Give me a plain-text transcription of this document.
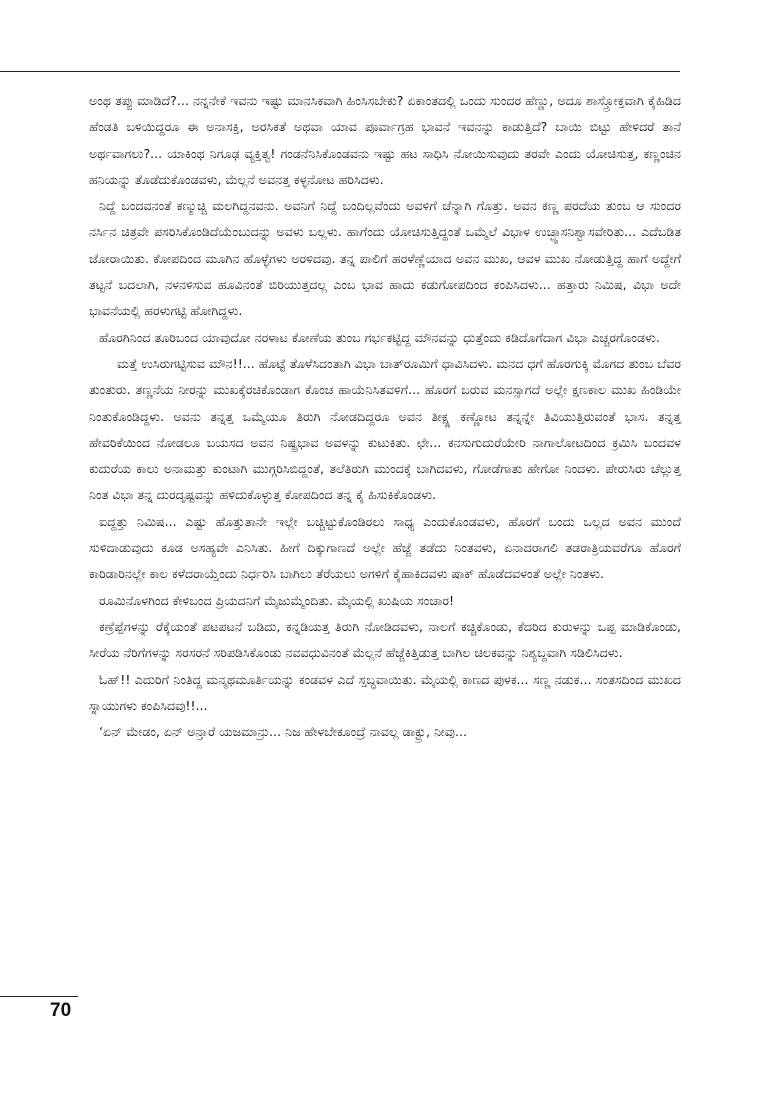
ಅಂಥ ತಪ್ಪು ಮಾಡಿದೆ?... ನನ್ನನೇಕೆ ಇವನು ಇಷ್ಟು ಮಾನಸಿಕವಾಗಿ ಹಿಂಸಿಸಬೇಕು? ಏಕಾಂತದಲ್ಲಿ ಒಂದು ಸುಂದರ ಹೆಣ್ಣು, ಅದೂ ಶಾಸ್ತ್ರೋಕ್ತವಾಗಿ ಕೈಹಿಡಿದ ಹೆಂಡತಿ ಬಳಿಯಿದ್ದರೂ ಈ ಅನಾಸಕ್ತಿ, ಅರಸಿಕತೆ ಅಥವಾ ಯಾವ ಪೂರ್ವಾಗ್ರಹ ಭಾವನೆ ಇವನನ್ನು ಕಾಡುತ್ತಿದೆ? ಬಾಯಿ ಬಿಟ್ಟು ಹೇಳಿದರೆ ತಾನೆ ಅರ್ಥವಾಗಲು?... ಯಾಕಿಂಥ ನಿಗೂಢ ವ್ಯಕ್ತಿತ್ವ! ಗಂಡನೆನಿಸಿಕೊಂಡವನು ಇಷ್ಟು ಹಟ ಸಾಧಿಸಿ ನೋಯಿಸುವುದು ತರವೇ ಎಂದು ಯೋಚಿಸುತ್ತ, ಕಣ್ಣಂಚಿನ ಹನಿಯನ್ನು ತೊಡೆದುಕೊಂಡವಳು, ಮೆಲ್ಲನೆ ಅವನತ್ತ ಕಳ್ಳನೋಟ ಹರಿಸಿದಳು.

ನಿದ್ದೆ ಬಂದವನಂತೆ ಕಣ್ಮುಚ್ಚಿ ಮಲಗಿದ್ದನವನು. ಅವನಿಗೆ ನಿದ್ದೆ ಬಂದಿಲ್ಲವೆಂದು ಅವಳಿಗೆ ಚೆನ್ನಾಗಿ ಗೊತ್ತು. ಅವನ ಕಣ್ಣ ಪರದೆಯ ತುಂಬ ಆ ಸುಂದರ ನರ್ಸಿನ ಚಿತ್ರವೇ ಪಸರಿಸಿಕೊಂಡಿದೆಯೆಂಬುದನ್ನು ಅವಳು ಬಲ್ಲಳು. ಹಾಗೆಂದು ಯೋಚಿಸುತ್ತಿದ್ದಂತೆ ಒಮ್ಮೆಲೆ ವಿಭಾಳ ಉಚ್ಛ್ವಾಸನಿಶ್ವಾಸವೇರಿತು... ಎದೆಬಡಿತ ಜೋರಾಯಿತು. ಕೋಪದಿಂದ ಮೂಗಿನ ಹೊಳ್ಳೆಗಳು ಅರಳಿದವು. ತನ್ನ ಪಾಲಿಗೆ ಹರಳೆಣ್ಣೆಯಾದ ಅವನ ಮುಖ, ಆವಳ ಮುಖ ನೋಡುತ್ತಿದ್ದ ಹಾಗೆ ಅದ್ದೇಗೆ ತಟ್ಟನೆ ಬದಲಾಗಿ, ನಳನಳಿಸುವ ಹೂವಿನಂತೆ ಬಿರಿಯುತ್ತದಲ್ಲ ಎಂಬ ಭಾವ ಹಾದು ಕಡುಗೋಪದಿಂದ ಕಂಪಿಸಿದಳು... ಹತ್ತಾರು ನಿಮಿಷ, ವಿಭಾ ಅದೇ ಭಾವನೆಯಲ್ಲಿ ಹರಳುಗಟ್ಟಿ ಹೋಗಿದ್ದಳು.

ಹೊರಗಿನಿಂದ ತೂರಿಬಂದ ಯಾವುದೋ ನರಳಾಟ ಕೋಣೆಯ ತುಂಬ ಗರ್ಭಕಟ್ಟಿದ್ದ ಮೌನವನ್ನು ಧುತ್ತೆಂದು ಕಡಿದೊಗೆದಾಗ ವಿಭಾ ಎಚ್ಚರಗೊಂಡಳು.

ಮತ್ತೆ ಉಸಿರುಗಟ್ಟಿಸುವ ಮೌನ!!... ಹೊಟ್ಟೆ ತೊಳೆಸಿದಂತಾಗಿ ವಿಭಾ ಬಾತ್‌ರೂಮಿಗೆ ಧಾವಿಸಿದಳು. ಮನದ ಧಗೆ ಹೊರಗುಕ್ಕಿ ಮೊಗದ ತುಂಬ ಬೆವರ ತುಂತುರು. ತಣ್ಣನೆಯ ನೀರನ್ನು ಮುಖಕ್ಕೆರಚಿಕೊಂಡಾಗ ಕೊಂಚ ಹಾಯೆನಿಸಿತವಳಿಗೆ... ಹೊರಗೆ ಬರುವ ಮನಸ್ಸಾಗದೆ ಅಲ್ಲೇ ಕ್ಷಣಕಾಲ ಮುಖ ಹಿಂಡಿಯೇ ನಿಂತುಕೊಂಡಿದ್ದಳು. ಅವನು ತನ್ನತ್ತ ಒಮ್ಮೆಯೂ ತಿರುಗಿ ನೋಡದಿದ್ದರೂ ಅವನ ತೀಕ್ಷ್ಣ ಕಣ್ಣೋಟ ತನ್ನನ್ನೇ ತಿವಿಯುತ್ತಿರುವಂತೆ ಭಾಸ. ತನ್ನತ್ತ ಹೇವರಿಕೆಯಿಂದ ನೋಡಲೂ ಬಯಸದ ಅವನ ನಿಷ್ಪ್ರಭಾವ ಅವಳನ್ನು ಕುಟುಕಿತು. ಛೇ... ಕನಸುಗುದುರೆಯೇರಿ ನಾಗಾಲೋಟದಿಂದ ಕ್ರಮಿಸಿ ಬಂದವಳ ಕುದುರೆಯ ಕಾಲು ಅನಾಮತ್ತು ಕುಂಟಾಗಿ ಮುಗ್ಗರಿಸಿಬಿದ್ದಂತೆ, ತಲೆತಿರುಗಿ ಮುಂದಕ್ಕೆ ಬಾಗಿದವಳು, ಗೋಡೆಗಾತು ಹೇಗೋ ನಿಂದಳು. ಪೇರುಸಿರು ಚೆಲ್ಲುತ್ತ ನಿಂತ ವಿಭಾ ತನ್ನ ದುರದೃಷ್ಟವನ್ನು ಹಳಿದುಕೊಳ್ಳುತ್ತ ಕೋಪದಿಂದ ತನ್ನ ಕೈ ಹಿಸುಕಿಕೊಂಡಳು.

ಐದ್ದತ್ತು ನಿಮಿಷ... ಎಷ್ಟು ಹೊತ್ತುತಾನೇ ಇಲ್ಲೇ ಬಚ್ಚಿಟ್ಟುಕೊಂಡಿರಲು ಸಾಧ್ಯ ಎಂದುಕೊಂಡವಳು, ಹೊರಗೆ ಬಂದು ಒಲ್ಲದ ಅವನ ಮುಂದೆ ಸುಳಿದಾಡುವುದು ಕೂಡ ಅಸಹ್ಯವೇ ಎನಿಸಿತು. ಹೀಗೆ ದಿಕ್ಕುಗಾಣದೆ ಅಲ್ಲೇ ಹೆಜ್ಜೆ ತಡೆದು ನಿಂತವಳು, ಏನಾದರಾಗಲಿ ತಡರಾತ್ರಿಯವರೆಗೂ ಹೊರಗೆ ಕಾರಿಡಾರಿನಲ್ಲೇ ಕಾಲ ಕಳೆದರಾಯ್ತೆಂದು ನಿರ್ಧರಿಸಿ ಬಾಗಿಲು ತೆರೆಯಲು ಅಗಳಿಗೆ ಕೈಹಾಕಿದವಳು ಷಾಕ್ ಹೊಡೆದವಳಂತೆ ಅಲ್ಲೇ ನಿಂತಳು.

ರೂಮಿನೊಳಗಿಂದ ಕೇಳಿಬಂದ ಪ್ರಿಯದನಿಗೆ ಮೈಜುಮ್ಮೆಂದಿತು. ಮೈಯಲ್ಲಿ ಖುಷಿಯ ಸಂಚಾರ!

ಕಣ್ರೆಪ್ಪೆಗಳನ್ನು ರೆಕ್ಕೆಯಂತೆ ಪಟಪಟನೆ ಬಡಿದು, ಕನ್ನಡಿಯತ್ತ ತಿರುಗಿ ನೋಡಿದವಳು, ನಾಲಗೆ ಕಚ್ಚಿಕೊಂಡು, ಕೆದರಿದ ಕುರುಳನ್ನು ಒಪ್ಪ ಮಾಡಿಕೊಂಡು, ಸೀರೆಯ ನೆರಿಗೆಗಳನ್ನು ಸರಸರನೆ ಸರಿಪಡಿಸಿಕೊಂಡು ನವವಧುವಿನಂತೆ ಮೆಲ್ಲನೆ ಹೆಜ್ಜೆಕಿತ್ತಿಡುತ್ತ ಬಾಗಿಲ ಚಿಲಕವನ್ನು ನಿಶ್ಯಬ್ದವಾಗಿ ಸಡಿಲಿಸಿದಳು.

ಓಹ್!! ಎದುರಿಗೆ ನಿಂತಿದ್ದ ಮನ್ಮಥಮೂರ್ತಿಯನ್ನು ಕಂಡವಳ ಎದೆ ಸ್ತಬ್ಧವಾಯಿತು. ಮೈಯಲ್ಲಿ ಕಾಣದ ಪುಳಕ... ಸಣ್ಣ ನಡುಕ... ಸಂತಸದಿಂದ ಮುಖದ ಸ್ನಾಯುಗಳು ಕಂಪಿಸಿದವು!!...

‘ಏನ್ ಮೇಡಂ, ಏನ್ ಅನ್ತಾರೆ ಯಜಮಾನ್ರು... ನಿಜ ಹೇಳಬೇಕೂಂದ್ರೆ ನಾವಲ್ಲ ಡಾಕ್ಟ್ರು, ನೀವು...

70
